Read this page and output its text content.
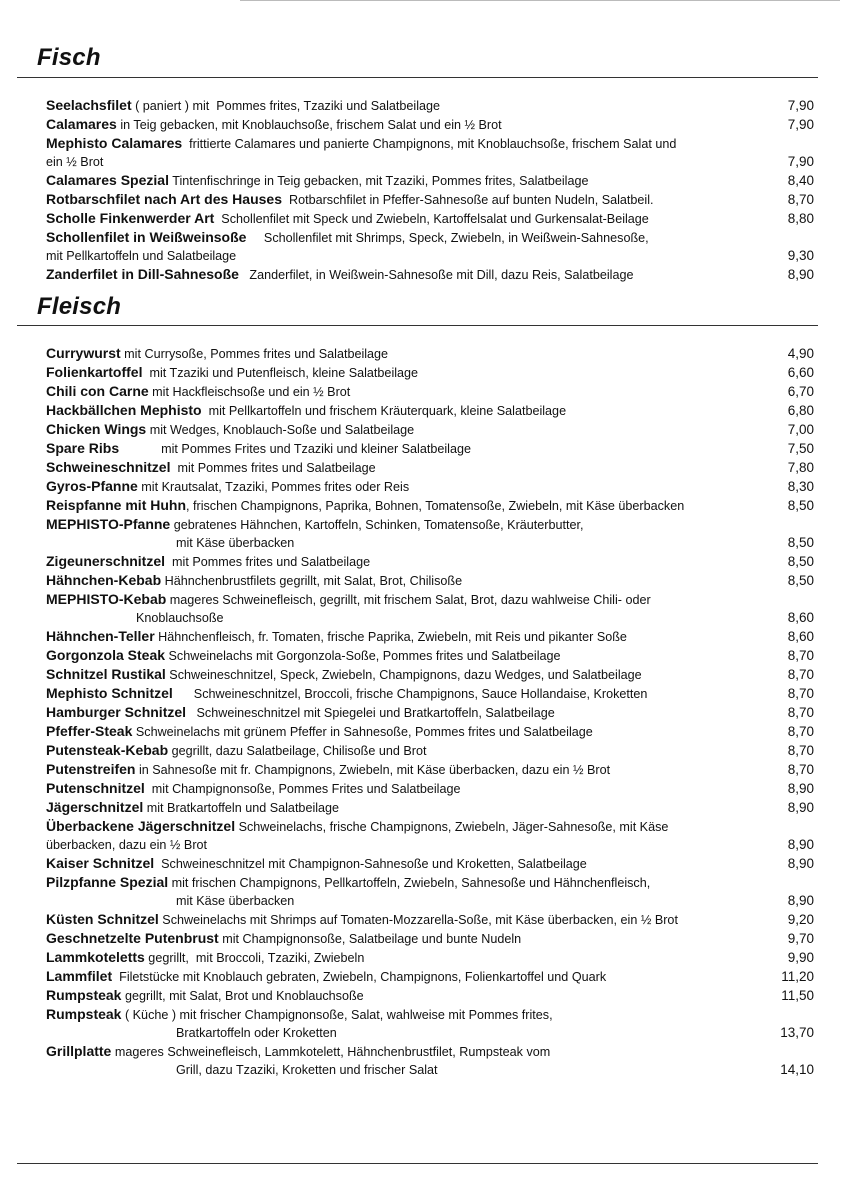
Fisch
Seelachsfilet ( paniert ) mit  Pommes frites, Tzaziki und Salatbeilage	7,90
Calamares in Teig gebacken, mit Knoblauchsoße, frischem Salat und ein ½ Brot	7,90
Mephisto Calamares  frittierte Calamares und panierte Champignons, mit Knoblauchsoße, frischem Salat und
ein ½ Brot	7,90
Calamares Spezial Tintenfischringe in Teig gebacken, mit Tzaziki, Pommes frites, Salatbeilage	8,40
Rotbarschfilet nach Art des Hauses  Rotbarschfilet in Pfeffer-Sahnesoße auf bunten Nudeln, Salatbeil.	8,70
Scholle Finkenwerder Art  Schollenfilet mit Speck und Zwiebeln, Kartoffelsalat und Gurkensalat-Beilage	8,80
Schollenfilet in Weißweinsoße     Schollenfilet mit Shrimps, Speck, Zwiebeln, in Weißwein-Sahnesoße,
mit Pellkartoffeln und Salatbeilage	9,30
Zanderfilet in Dill-Sahnesoße   Zanderfilet, in Weißwein-Sahnesoße mit Dill, dazu Reis, Salatbeilage	8,90
Fleisch
Currywurst mit Currysoße, Pommes frites und Salatbeilage	4,90
Folienkartoffel  mit Tzaziki und Putenfleisch, kleine Salatbeilage	6,60
Chili con Carne mit Hackfleischsoße und ein ½ Brot	6,70
Hackbällchen Mephisto  mit Pellkartoffeln und frischem Kräuterquark, kleine Salatbeilage	6,80
Chicken Wings mit Wedges, Knoblauch-Soße und Salatbeilage	7,00
Spare Ribs            mit Pommes Frites und Tzaziki und kleiner Salatbeilage	7,50
Schweineschnitzel  mit Pommes frites und Salatbeilage	7,80
Gyros-Pfanne mit Krautsalat, Tzaziki, Pommes frites oder Reis	8,30
Reispfanne mit Huhn, frischen Champignons, Paprika, Bohnen, Tomatensoße, Zwiebeln, mit Käse überbacken	8,50
MEPHISTO-Pfanne gebratenes Hähnchen, Kartoffeln, Schinken, Tomatensoße, Kräuterbutter,
mit Käse überbacken	8,50
Zigeunerschnitzel  mit Pommes frites und Salatbeilage	8,50
Hähnchen-Kebab Hähnchenbrustfilets gegrillt, mit Salat, Brot, Chilisoße	8,50
MEPHISTO-Kebab mageres Schweinefleisch, gegrillt, mit frischem Salat, Brot, dazu wahlweise Chili- oder
Knoblauchsoße	8,60
Hähnchen-Teller Hähnchenfleisch, fr. Tomaten, frische Paprika, Zwiebeln, mit Reis und pikanter Soße	8,60
Gorgonzola Steak Schweinelachs mit Gorgonzola-Soße, Pommes frites und Salatbeilage	8,70
Schnitzel Rustikal Schweineschnitzel, Speck, Zwiebeln, Champignons, dazu Wedges, und Salatbeilage	8,70
Mephisto Schnitzel      Schweineschnitzel, Broccoli, frische Champignons, Sauce Hollandaise, Kroketten	8,70
Hamburger Schnitzel   Schweineschnitzel mit Spiegelei und Bratkartoffeln, Salatbeilage	8,70
Pfeffer-Steak Schweinelachs mit grünem Pfeffer in Sahnesoße, Pommes frites und Salatbeilage	8,70
Putensteak-Kebab gegrillt, dazu Salatbeilage, Chilisoße und Brot	8,70
Putenstreifen in Sahnesoße mit fr. Champignons, Zwiebeln, mit Käse überbacken, dazu ein ½ Brot	8,70
Putenschnitzel  mit Champignonsoße, Pommes Frites und Salatbeilage	8,90
Jägerschnitzel mit Bratkartoffeln und Salatbeilage	8,90
Überbackene Jägerschnitzel Schweinelachs, frische Champignons, Zwiebeln, Jäger-Sahnesoße, mit Käse
überbacken, dazu ein ½ Brot	8,90
Kaiser Schnitzel  Schweineschnitzel mit Champignon-Sahnesoße und Kroketten, Salatbeilage	8,90
Pilzpfanne Spezial mit frischen Champignons, Pellkartoffeln, Zwiebeln, Sahnesoße und Hähnchenfleisch,
mit Käse überbacken	8,90
Küsten Schnitzel Schweinelachs mit Shrimps auf Tomaten-Mozzarella-Soße, mit Käse überbacken, ein ½ Brot	9,20
Geschnetzelte Putenbrust mit Champignonsoße, Salatbeilage und bunte Nudeln	9,70
Lammkoteletts gegrillt,  mit Broccoli, Tzaziki, Zwiebeln	9,90
Lammfilet  Filetstücke mit Knoblauch gebraten, Zwiebeln, Champignons, Folienkartoffel und Quark	11,20
Rumpsteak gegrillt, mit Salat, Brot und Knoblauchsoße	11,50
Rumpsteak ( Küche ) mit frischer Champignonsoße, Salat, wahlweise mit Pommes frites,
Bratkartoffeln oder Kroketten	13,70
Grillplatte mageres Schweinefleisch, Lammkotelett, Hähnchenbrustfilet, Rumpsteak vom
Grill, dazu Tzaziki, Kroketten und frischer Salat	14,10
